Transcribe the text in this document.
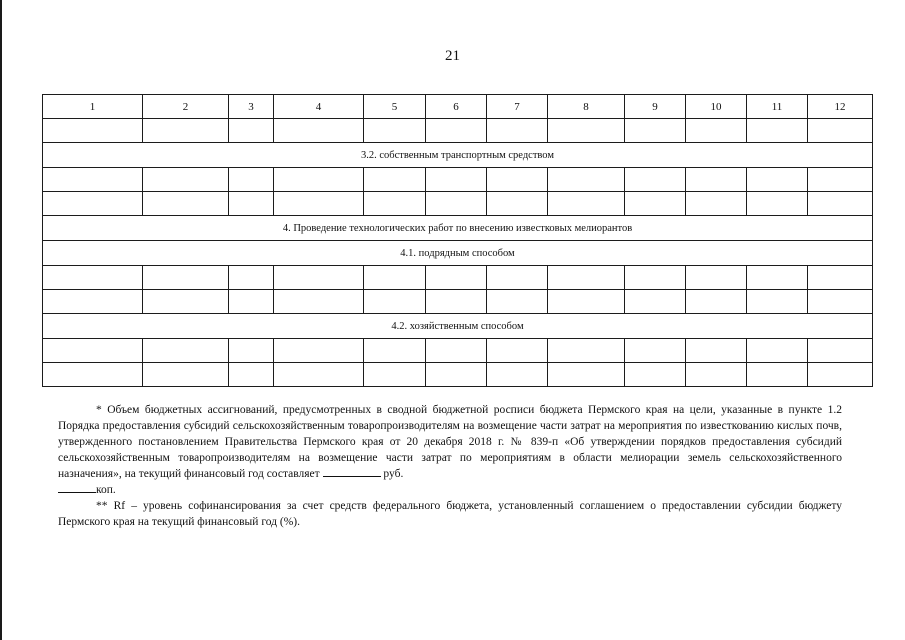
21
1	2	3	4	5	6	7	8	9	10	11	12

3.2. собственным транспортным средством											

4. Проведение технологических работ по внесению известковых мелиорантов											
4.1. подрядным способом											

4.2. хозяйственным способом											

* Объем бюджетных ассигнований, предусмотренных в сводной бюджетной росписи бюджета Пермского края на цели, указанные в пункте 1.2 Порядка предоставления субсидий сельскохозяйственным товаропроизводителям на возмещение части затрат на мероприятия по известкованию кислых почв, утвержденного постановлением Правительства Пермского края от 20 декабря 2018 г. № 839-п «Об утверждении порядков предоставления субсидий сельскохозяйственным товаропроизводителям на возмещение части затрат по мероприятиям в области мелиорации земель сельскохозяйственного назначения», на текущий финансовый год составляет	руб.
коп.

** Rf – уровень софинансирования за счет средств федерального бюджета, установленный соглашением о предоставлении субсидии бюджету Пермского края на текущий финансовый год (%).
